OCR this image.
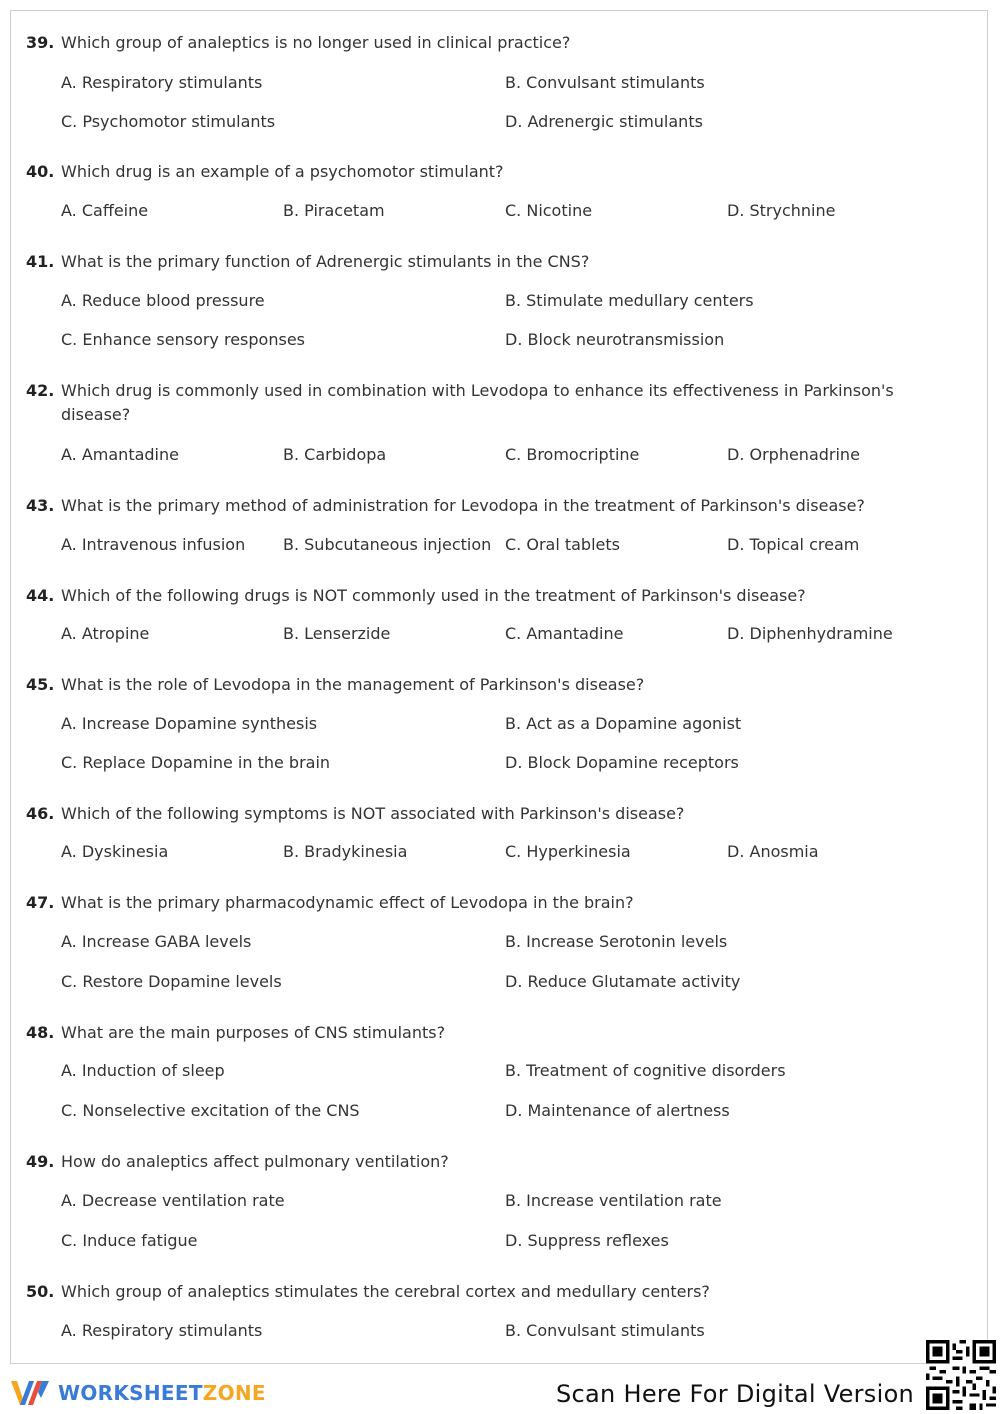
39. Which group of analeptics is no longer used in clinical practice?
A. Respiratory stimulants	B. Convulsant stimulants
C. Psychomotor stimulants	D. Adrenergic stimulants
40. Which drug is an example of a psychomotor stimulant?
A. Caffeine	B. Piracetam	C. Nicotine	D. Strychnine
41. What is the primary function of Adrenergic stimulants in the CNS?
A. Reduce blood pressure	B. Stimulate medullary centers
C. Enhance sensory responses	D. Block neurotransmission
42. Which drug is commonly used in combination with Levodopa to enhance its effectiveness in Parkinson's disease?
A. Amantadine	B. Carbidopa	C. Bromocriptine	D. Orphenadrine
43. What is the primary method of administration for Levodopa in the treatment of Parkinson's disease?
A. Intravenous infusion B. Subcutaneous injection C. Oral tablets	D. Topical cream
44. Which of the following drugs is NOT commonly used in the treatment of Parkinson's disease?
A. Atropine	B. Lenserzide	C. Amantadine	D. Diphenhydramine
45. What is the role of Levodopa in the management of Parkinson's disease?
A. Increase Dopamine synthesis	B. Act as a Dopamine agonist
C. Replace Dopamine in the brain	D. Block Dopamine receptors
46. Which of the following symptoms is NOT associated with Parkinson's disease?
A. Dyskinesia	B. Bradykinesia	C. Hyperkinesia	D. Anosmia
47. What is the primary pharmacodynamic effect of Levodopa in the brain?
A. Increase GABA levels	B. Increase Serotonin levels
C. Restore Dopamine levels	D. Reduce Glutamate activity
48. What are the main purposes of CNS stimulants?
A. Induction of sleep	B. Treatment of cognitive disorders
C. Nonselective excitation of the CNS	D. Maintenance of alertness
49. How do analeptics affect pulmonary ventilation?
A. Decrease ventilation rate	B. Increase ventilation rate
C. Induce fatigue	D. Suppress reflexes
50. Which group of analeptics stimulates the cerebral cortex and medullary centers?
A. Respiratory stimulants	B. Convulsant stimulants
WORKSHEETZONE	Scan Here For Digital Version
